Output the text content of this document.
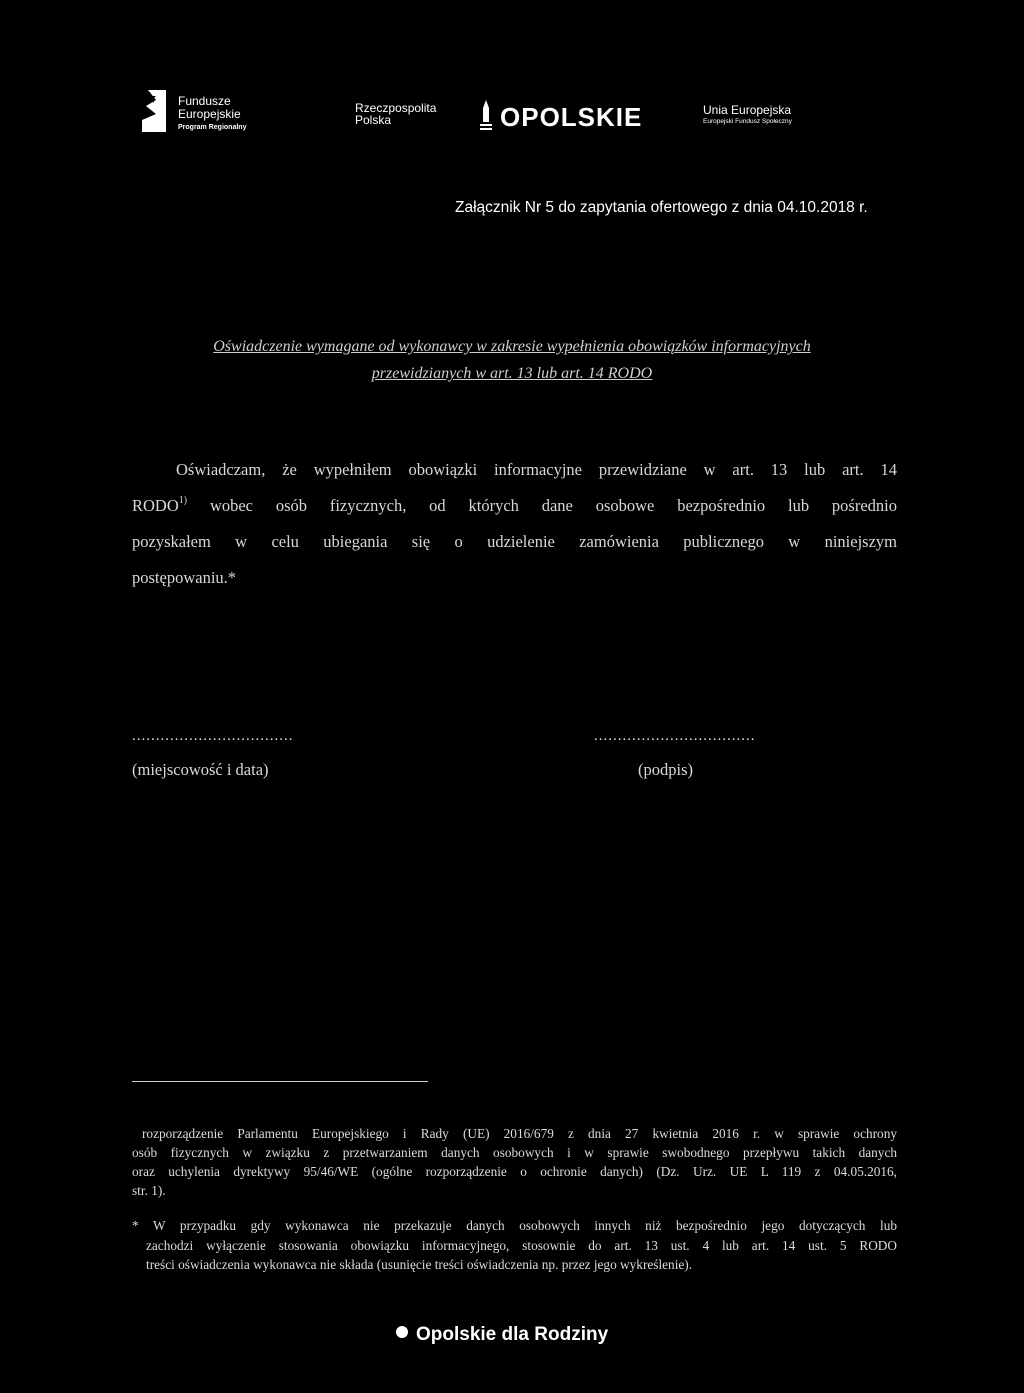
Fundusze
Europejskie
Program Regionalny
Rzeczpospolita
Polska	OPOLSKIE	Unia Europejska
Europejski Fundusz Społeczny
Załącznik Nr 5 do zapytania ofertowego z dnia 04.10.2018 r.
Oświadczenie wymagane od wykonawcy w zakresie wypełnienia obowiązków informacyjnych
przewidzianych w art. 13 lub art. 14 RODO
Oświadczam, że wypełniłem obowiązki informacyjne przewidziane w art. 13 lub art. 14
RODO$^{1)}$ wobec osób fizycznych, od których dane osobowe bezpośrednio lub pośrednio
pozyskałem w celu ubiegania się o udzielenie zamówienia publicznego w niniejszym
postępowaniu.*
..................................	..................................
(miejscowość i data)	(podpis)
rozporządzenie Parlamentu Europejskiego i Rady (UE) 2016/679 z dnia 27 kwietnia 2016 r. w sprawie ochrony
osób fizycznych w związku z przetwarzaniem danych osobowych i w sprawie swobodnego przepływu takich danych
oraz uchylenia dyrektywy 95/46/WE (ogólne rozporządzenie o ochronie danych) (Dz. Urz. UE L 119 z 04.05.2016,
str. 1).
* W przypadku gdy wykonawca nie przekazuje danych osobowych innych niż bezpośrednio jego dotyczących lub
zachodzi wyłączenie stosowania obowiązku informacyjnego, stosownie do art. 13 ust. 4 lub art. 14 ust. 5 RODO
treści oświadczenia wykonawca nie składa (usunięcie treści oświadczenia np. przez jego wykreślenie).
Opolskie dla Rodziny
